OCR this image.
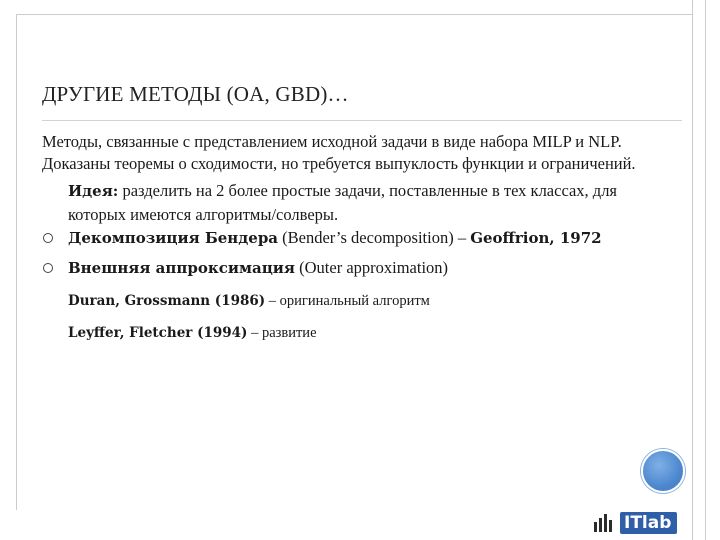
ДРУГИЕ МЕТОДЫ (OA, GBD)…

Методы, связанные с представлением исходной задачи в виде набора MILP и NLP. Доказаны теоремы о сходимости, но требуется выпуклость функции и ограничений.

Идея: разделить на 2 более простые задачи, поставленные в тех классах, для которых имеются алгоритмы/солверы.
Декомпозиция Бендера (Bender’s decomposition) – Geoffrion, 1972
Внешняя аппроксимация (Outer approximation)
Duran, Grossmann (1986) – оригинальный алгоритм
Leyffer, Fletcher (1994) – развитие
ITlab
